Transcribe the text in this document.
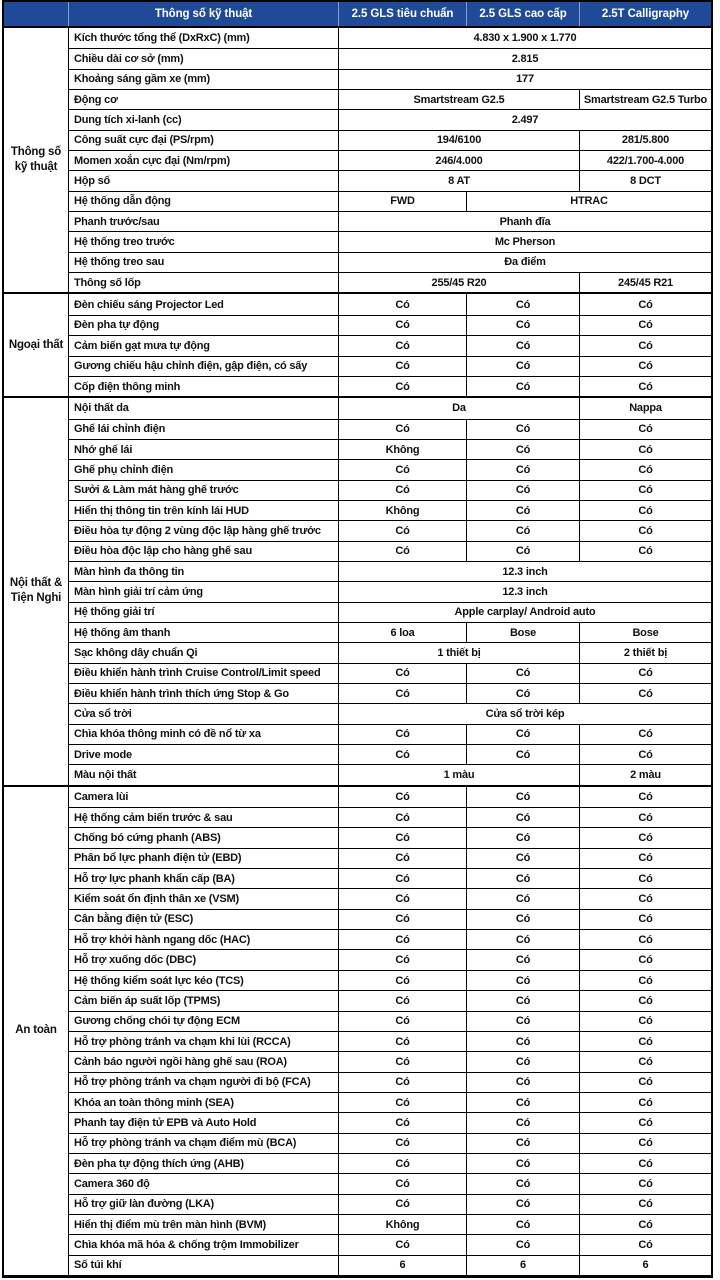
Thông số kỹ thuật	2.5 GLS tiêu chuẩn	2.5 GLS cao cấp	2.5T Calligraphy
Thông số kỹ thuật
Kích thước tổng thể (DxRxC) (mm)	4.830 x 1.900 x 1.770
Chiều dài cơ sở (mm)	2.815
Khoảng sáng gầm xe (mm)	177
Động cơ	Smartstream G2.5	Smartstream G2.5 Turbo
Dung tích xi-lanh (cc)	2.497
Công suất cực đại (PS/rpm)	194/6100	281/5.800
Momen xoắn cực đại (Nm/rpm)	246/4.000	422/1.700-4.000
Hộp số	8 AT	8 DCT
Hệ thống dẫn động	FWD	HTRAC
Phanh trước/sau	Phanh đĩa
Hệ thống treo trước	Mc Pherson
Hệ thống treo sau	Đa điểm
Thông số lốp	255/45 R20	245/45 R21
Ngoại thất
Đèn chiếu sáng Projector Led	Có	Có	Có
Đèn pha tự động	Có	Có	Có
Cảm biến gạt mưa tự động	Có	Có	Có
Gương chiếu hậu chỉnh điện, gập điện, có sấy	Có	Có	Có
Cốp điện thông minh	Có	Có	Có
Nội thất & Tiện Nghi
Nội thất da	Da	Nappa
Ghế lái chỉnh điện	Có	Có	Có
Nhớ ghế lái	Không	Có	Có
Ghế phụ chỉnh điện	Có	Có	Có
Sưởi & Làm mát hàng ghế trước	Có	Có	Có
Hiển thị thông tin trên kính lái HUD	Không	Có	Có
Điều hòa tự động 2 vùng độc lập hàng ghế trước	Có	Có	Có
Điều hòa độc lập cho hàng ghế sau	Có	Có	Có
Màn hình đa thông tin	12.3 inch
Màn hình giải trí cảm ứng	12.3 inch
Hệ thống giải trí	Apple carplay/ Android auto
Hệ thống âm thanh	6 loa	Bose	Bose
Sạc không dây chuẩn Qi	1 thiết bị	2 thiết bị
Điều khiển hành trình Cruise Control/Limit speed	Có	Có	Có
Điều khiển hành trình thích ứng Stop & Go	Có	Có	Có
Cửa sổ trời	Cửa sổ trời kép
Chìa khóa thông minh có đề nổ từ xa	Có	Có	Có
Drive mode	Có	Có	Có
Màu nội thất	1 màu	2 màu
An toàn
Camera lùi	Có	Có	Có
Hệ thống cảm biến trước & sau	Có	Có	Có
Chống bó cứng phanh (ABS)	Có	Có	Có
Phân bổ lực phanh điện tử (EBD)	Có	Có	Có
Hỗ trợ lực phanh khẩn cấp (BA)	Có	Có	Có
Kiểm soát ổn định thân xe (VSM)	Có	Có	Có
Cân bằng điện tử (ESC)	Có	Có	Có
Hỗ trợ khởi hành ngang dốc (HAC)	Có	Có	Có
Hỗ trợ xuống dốc (DBC)	Có	Có	Có
Hệ thống kiểm soát lực kéo (TCS)	Có	Có	Có
Cảm biến áp suất lốp (TPMS)	Có	Có	Có
Gương chống chói tự động ECM	Có	Có	Có
Hỗ trợ phòng tránh va chạm khi lùi (RCCA)	Có	Có	Có
Cảnh báo người ngồi hàng ghế sau (ROA)	Có	Có	Có
Hỗ trợ phòng tránh va chạm người đi bộ (FCA)	Có	Có	Có
Khóa an toàn thông minh (SEA)	Có	Có	Có
Phanh tay điện tử EPB và Auto Hold	Có	Có	Có
Hỗ trợ phòng tránh va chạm điểm mù (BCA)	Có	Có	Có
Đèn pha tự động thích ứng (AHB)	Có	Có	Có
Camera 360 độ	Có	Có	Có
Hỗ trợ giữ làn đường (LKA)	Có	Có	Có
Hiển thị điểm mù trên màn hình (BVM)	Không	Có	Có
Chìa khóa mã hóa & chống trộm Immobilizer	Có	Có	Có
Số túi khí	6	6	6
